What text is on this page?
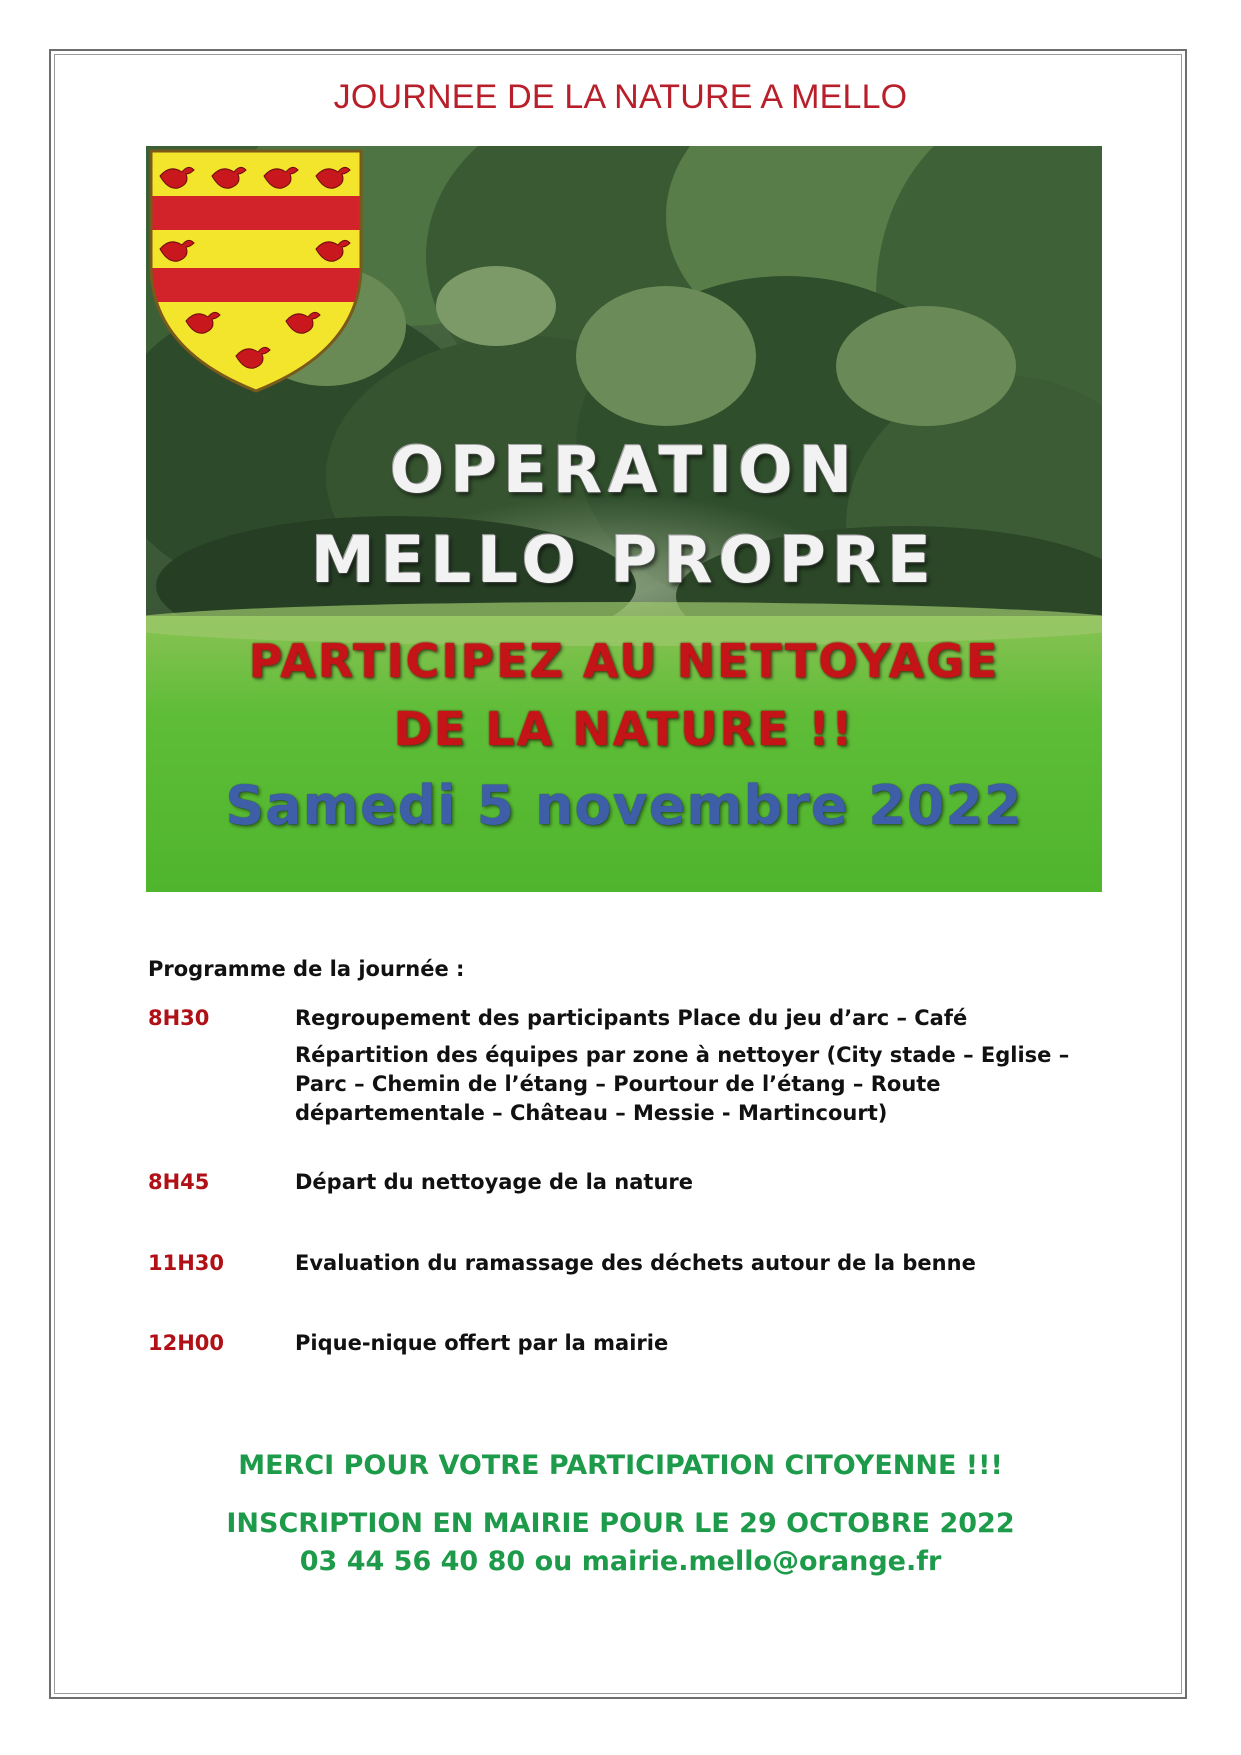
JOURNEE DE LA NATURE A MELLO
OPERATION
MELLO PROPRE
PARTICIPEZ AU NETTOYAGE
DE LA NATURE !!
Samedi 5 novembre 2022
Programme de la journée :
8H30	Regroupement des participants Place du jeu d’arc – Café
Répartition des équipes par zone à nettoyer (City stade – Eglise – Parc – Chemin de l’étang – Pourtour de l’étang – Route départementale – Château – Messie - Martincourt)
8H45	Départ du nettoyage de la nature
11H30	Evaluation du ramassage des déchets autour de la benne
12H00	Pique-nique offert par la mairie
MERCI POUR VOTRE PARTICIPATION CITOYENNE !!!
INSCRIPTION EN MAIRIE POUR LE 29 OCTOBRE 2022
03 44 56 40 80 ou mairie.mello@orange.fr
